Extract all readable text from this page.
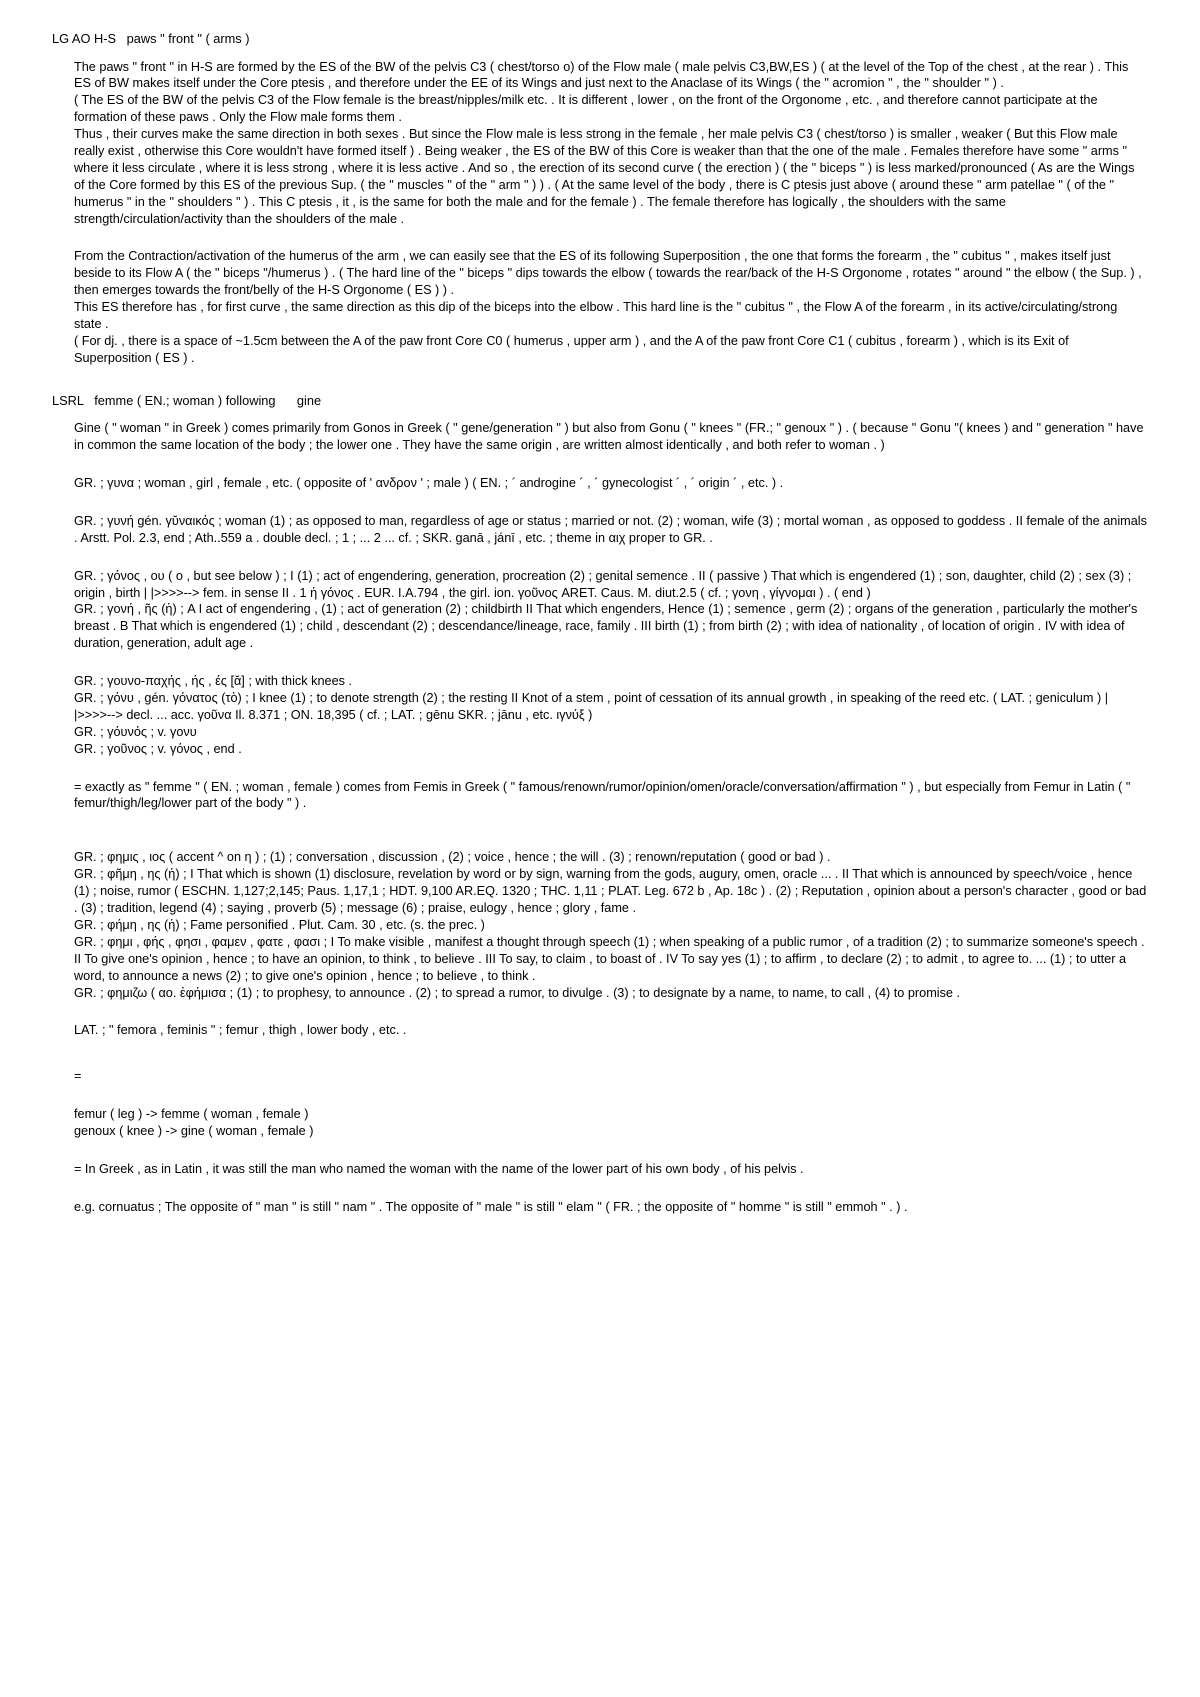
LG AO H-S   paws " front " ( arms )

The paws " front " in H-S are formed by the ES of the BW of the pelvis C3 ( chest/torso o) of the Flow male ( male pelvis C3,BW,ES ) ( at the level of the Top of the chest , at the rear ) . This ES of BW makes itself under the Core ptesis , and therefore under the EE of its Wings and just next to the Anaclase of its Wings ( the " acromion " , the " shoulder " ) .

( The ES of the BW of the pelvis C3 of the Flow female is the breast/nipples/milk etc. . It is different , lower , on the front of the Orgonome , etc. , and therefore cannot participate at the formation of these paws . Only the Flow male forms them .

Thus , their curves make the same direction in both sexes . But since the Flow male is less strong in the female , her male pelvis C3 ( chest/torso ) is smaller , weaker ( But this Flow male really exist , otherwise this Core wouldn't have formed itself ) . Being weaker , the ES of the BW of this Core is weaker than that the one of the male . Females therefore have some " arms " where it less circulate , where it is less strong , where it is less active . And so , the erection of its second curve ( the erection ) ( the " biceps " ) is less marked/pronounced ( As are the Wings of the Core formed by this ES of the previous Sup. ( the " muscles " of the " arm " ) ) . ( At the same level of the body , there is C ptesis just above ( around these " arm patellae " ( of the " humerus " in the " shoulders " ) . This C ptesis , it , is the same for both the male and for the female ) . The female therefore has logically , the shoulders with the same strength/circulation/activity than the shoulders of the male .

From the Contraction/activation of the humerus of the arm , we can easily see that the ES of its following Superposition , the one that forms the forearm , the " cubitus " , makes itself just beside to its Flow A ( the " biceps "/humerus ) . ( The hard line of the " biceps " dips towards the elbow ( towards the rear/back of the H-S Orgonome , rotates " around " the elbow ( the Sup. ) , then emerges towards the front/belly of the H-S Orgonome ( ES ) ) .

This ES therefore has , for first curve , the same direction as this dip of the biceps into the elbow . This hard line is the " cubitus " , the Flow A of the forearm , in its active/circulating/strong state .

( For dj. , there is a space of ~1.5cm between the A of the paw front Core C0 ( humerus , upper arm ) , and the A of the paw front Core C1 ( cubitus , forearm ) , which is its Exit of Superposition ( ES ) .

LSRL   femme ( EN.; woman ) following      gine

Gine ( " woman " in Greek ) comes primarily from Gonos in Greek ( " gene/generation " ) but also from Gonu ( " knees " (FR.; " genoux " ) . ( because " Gonu "( knees ) and " generation " have in common the same location of the body ; the lower one . They have the same origin , are written almost identically , and both refer to woman . )

GR. ; γυνα ; woman , girl , female , etc. ( opposite of ' ανδρον ' ; male ) ( EN. ; ´ androgine ´ , ´ gynecologist ´ , ´ origin ´ , etc. ) .

GR. ; γυνή gén. γῠναικός ; woman (1) ; as opposed to man, regardless of age or status ; married or not. (2) ; woman, wife (3) ; mortal woman , as opposed to goddess . II female of the animals . Arstt. Pol. 2.3, end ; Ath..559 a . double decl. ; 1 ; ... 2 ... cf. ; SKR. ganā , jánī , etc. ; theme in αιχ proper to GR. .

GR. ; γόνος , ου ( ο , but see below ) ; I (1) ; act of engendering, generation, procreation (2) ; genital semence . II ( passive ) That which is engendered (1) ; son, daughter, child (2) ; sex (3) ; origin , birth | |>>>>--> fem. in sense II . 1 ἡ γόνος . EUR. I.A.794 , the girl. ion. γοῦνος ARET. Caus. M. diut.2.5 ( cf. ; γονη , γίγνομαι ) . ( end )

GR. ; γονή , ῆς (ἡ) ; A I act of engendering , (1) ; act of generation (2) ; childbirth II That which engenders, Hence (1) ; semence , germ (2) ; organs of the generation , particularly the mother's breast . B That which is engendered (1) ; child , descendant (2) ; descendance/lineage, race, family . III birth (1) ; from birth (2) ; with idea of nationality , of location of origin . IV with idea of duration, generation, adult age .

GR. ; γουνο-παχής , ής , ές [ᾰ] ; with thick knees .

GR. ; γόνυ , gén. γόνατος (τὸ) ; I knee (1) ; to denote strength (2) ; the resting II Knot of a stem , point of cessation of its annual growth , in speaking of the reed etc. ( LAT. ; geniculum ) | |>>>>--> decl. ... acc. γοῦνα Il. 8.371 ; ON. 18,395 ( cf. ; LAT. ; gēnu SKR. ; jānu , etc. ιγνύξ )

GR. ; γόυνός ; v. γονυ

GR. ; γοῦνος ; v. γόνος , end .

= exactly as " femme " ( EN. ; woman , female ) comes from Femis in Greek ( " famous/renown/rumor/opinion/omen/oracle/conversation/affirmation " ) , but especially from Femur in Latin ( " femur/thigh/leg/lower part of the body " ) .

GR. ; φημις , ιος ( accent ^ on η ) ; (1) ; conversation , discussion , (2) ; voice , hence ; the will . (3) ; renown/reputation ( good or bad ) .

GR. ; φῆμη , ης (ἡ) ; I That which is shown (1) disclosure, revelation by word or by sign, warning from the gods, augury, omen, oracle ... . II That which is announced by speech/voice , hence (1) ; noise, rumor ( ESCHN. 1,127;2,145; Paus. 1,17,1 ; HDT. 9,100 AR.EQ. 1320 ; THC. 1,11 ; PLAT. Leg. 672 b , Ap. 18c ) . (2) ; Reputation , opinion about a person's character , good or bad . (3) ; tradition, legend (4) ; saying , proverb (5) ; message (6) ; praise, eulogy , hence ; glory , fame .

GR. ; φήμη , ης (ἡ) ; Fame personified . Plut. Cam. 30 , etc. (s. the prec. )

GR. ; φημι , φής , φησι , φαμεν , φατε , φασι ; I To make visible , manifest a thought through speech (1) ; when speaking of a public rumor , of a tradition (2) ; to summarize someone's speech . II To give one's opinion , hence ; to have an opinion, to think , to believe . III To say, to claim , to boast of . IV To say yes (1) ; to affirm , to declare (2) ; to admit , to agree to. ... (1) ; to utter a word, to announce a news (2) ; to give one's opinion , hence ; to believe , to think .

GR. ; φημιζω ( αο. ἐφήμισα ; (1) ; to prophesy, to announce . (2) ; to spread a rumor, to divulge . (3) ; to designate by a name, to name, to call , (4) to promise .

LAT. ; " femora , feminis " ; femur , thigh , lower body , etc. .

=

femur ( leg ) -> femme ( woman , female )

genoux ( knee ) -> gine ( woman , female )

= In Greek , as in Latin , it was still the man who named the woman with the name of the lower part of his own body , of his pelvis .

e.g. cornuatus ; The opposite of " man " is still " nam " . The opposite of " male " is still " elam " ( FR. ; the opposite of " homme " is still " emmoh " . ) .
